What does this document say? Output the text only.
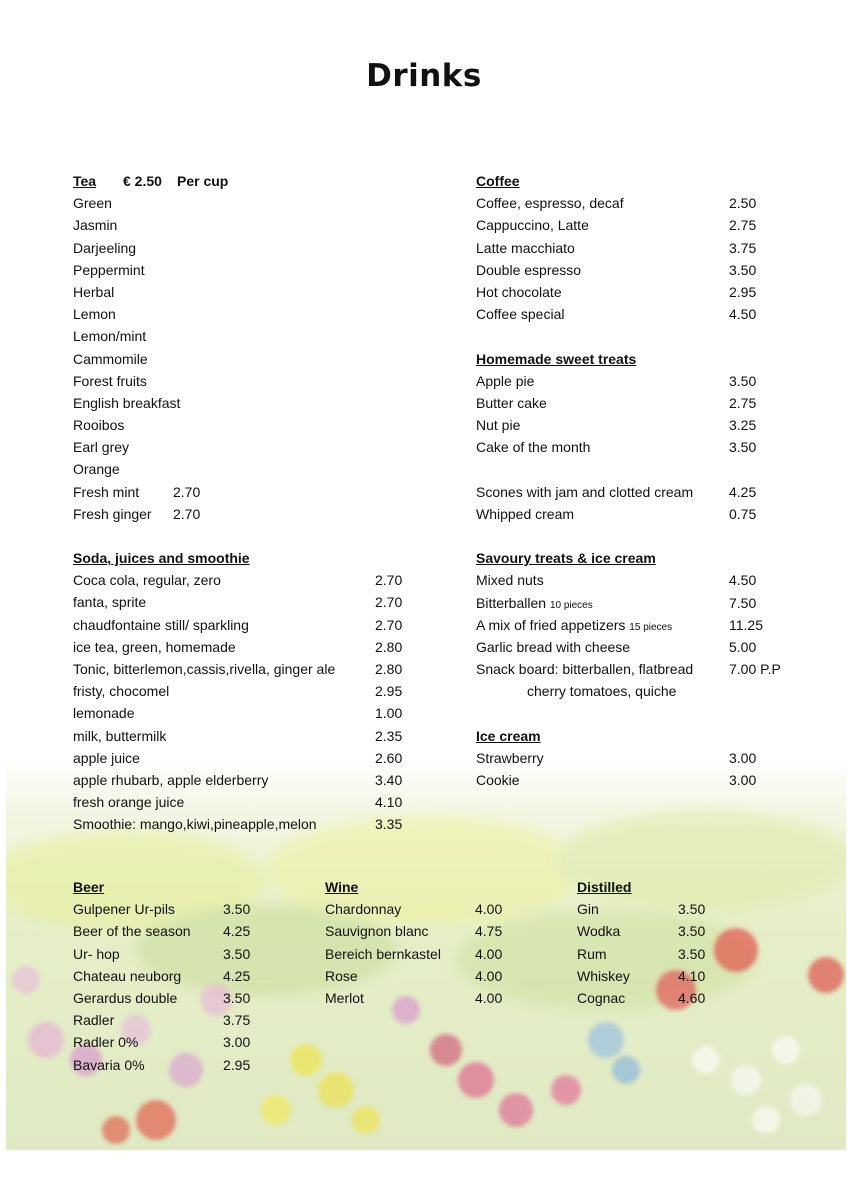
Drinks
Tea € 2.50 Per cup
Green
Jasmin
Darjeeling
Peppermint
Herbal
Lemon
Lemon/mint
Cammomile
Forest fruits
English breakfast
Rooibos
Earl grey
Orange
Fresh mint 2.70
Fresh ginger 2.70
Soda, juices and smoothie
Coca cola, regular, zero	2.70
fanta, sprite	2.70
chaudfontaine still/ sparkling	2.70
ice tea, green, homemade	2.80
Tonic, bitterlemon,cassis,rivella, ginger ale	2.80
fristy, chocomel	2.95
lemonade	1.00
milk, buttermilk	2.35
apple juice	2.60
apple rhubarb, apple elderberry	3.40
fresh orange juice	4.10
Smoothie: mango,kiwi,pineapple,melon	3.35
Coffee
Coffee, espresso, decaf	2.50
Cappuccino, Latte	2.75
Latte macchiato	3.75
Double espresso	3.50
Hot chocolate	2.95
Coffee special	4.50
Homemade sweet treats
Apple pie	3.50
Butter cake	2.75
Nut pie	3.25
Cake of the month	3.50
Scones with jam and clotted cream	4.25
Whipped cream	0.75
Savoury treats & ice cream
Mixed nuts	4.50
Bitterballen 10 pieces	7.50
A mix of fried appetizers 15 pieces	11.25
Garlic bread with cheese	5.00
Snack board: bitterballen, flatbread	7.00 P.P
cherry tomatoes, quiche
Ice cream
Strawberry	3.00
Cookie	3.00
Beer
Gulpener Ur-pils	3.50
Beer of the season 4.25
Ur- hop	3.50
Chateau neuborg	4.25
Gerardus double	3.50
Radler	3.75
Radler 0%	3.00
Bavaria 0%	2.95
Wine
Chardonnay	4.00
Sauvignon blanc	4.75
Bereich bernkastel 4.00
Rose	4.00
Merlot	4.00
Distilled
Gin	3.50
Wodka	3.50
Rum	3.50
Whiskey	4.10
Cognac	4.60
